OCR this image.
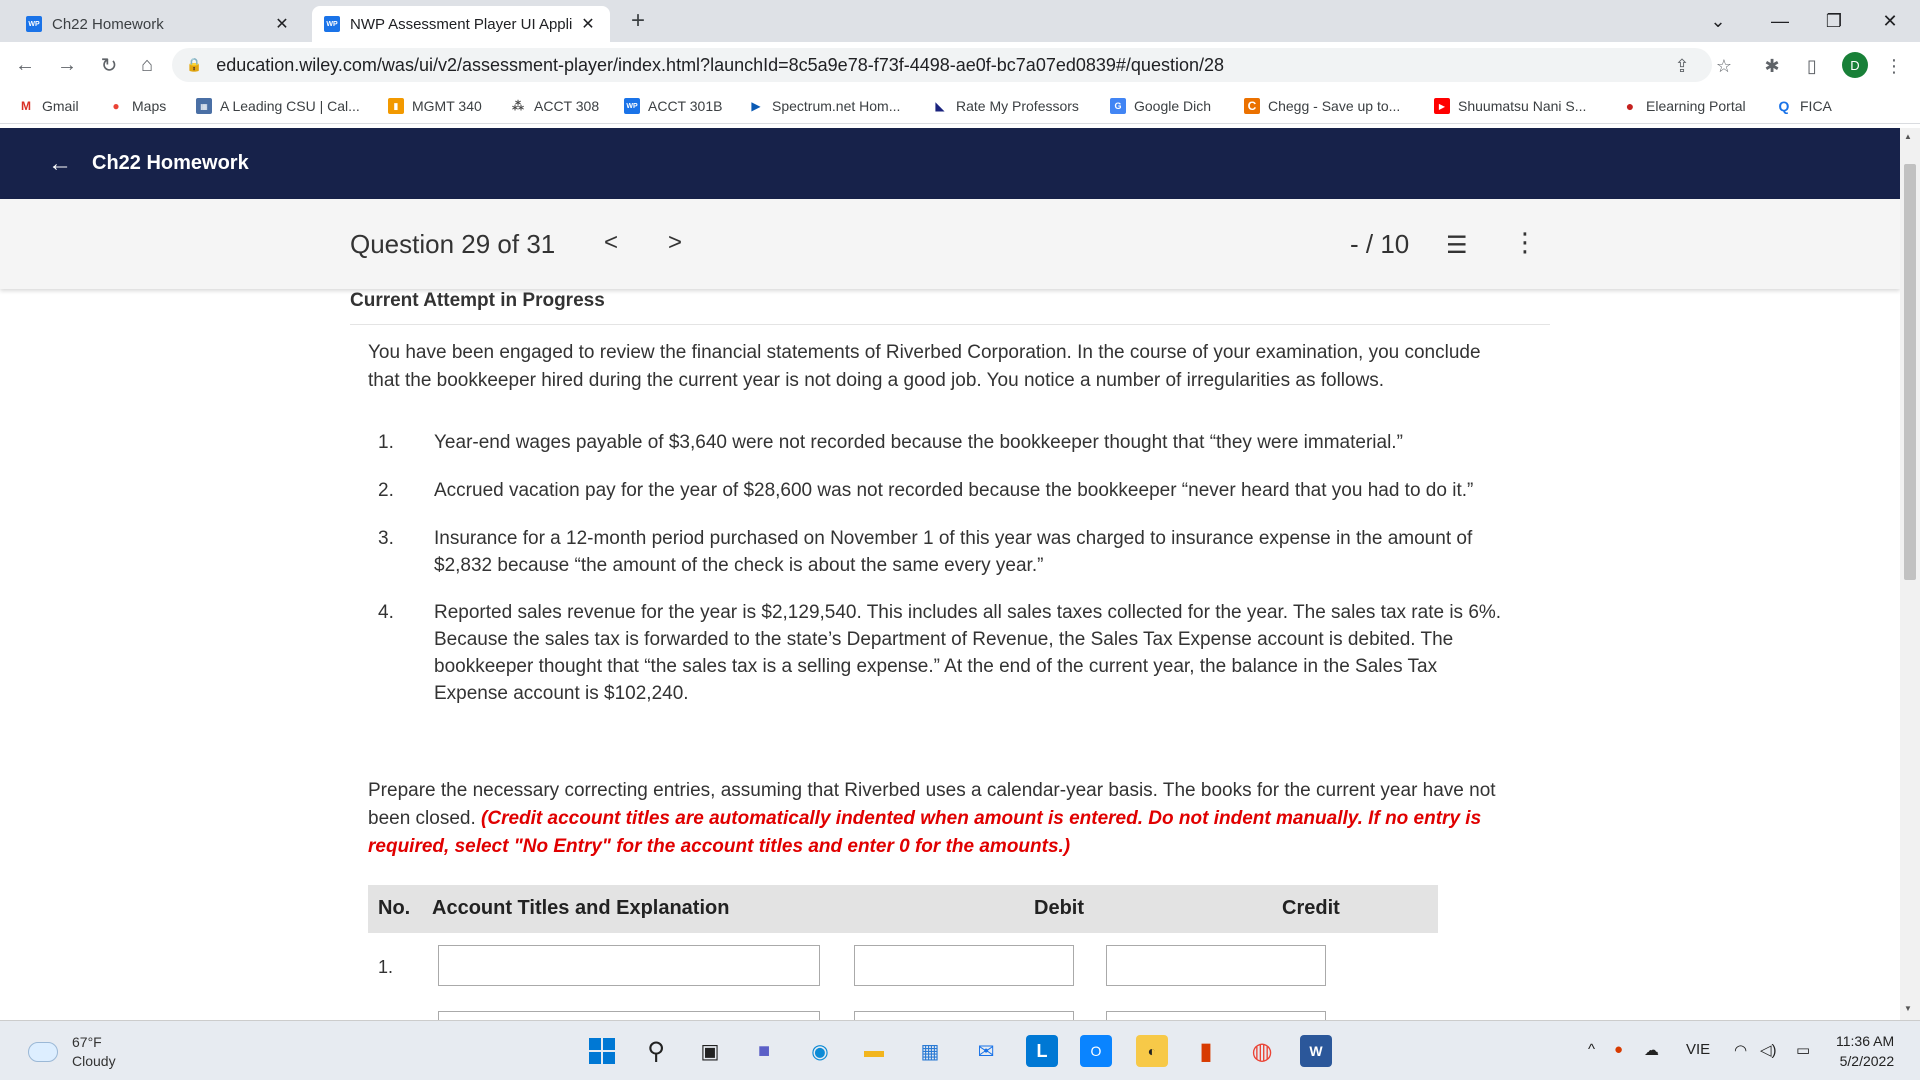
WP Ch22 Homework	✕	WP NWP Assessment Player UI Appli ✕	+	⌄	—	❐	✕
← →	↻	⌂	🔒 education.wiley.com/was/ui/v2/assessment-player/index.html?launchId=8c5a9e78-f73f-4498-ae0f-bc7a07ed0839#/question/28	⇪ ☆ ✱	▯	⋮
D
M Gmail	● Maps	▦ A Leading CSU | Cal...	▮ MGMT 340	⁂ ACCT 308	WP ACCT 301B ▶ Spectrum.net Hom...	◣ Rate My Professors	G Google Dich	C Chegg - Save up to...	▶ Shuumatsu Nani S...	● Elearning Portal Q FICA
← Ch22 Homework
Question 29 of 31 < >	- / 10 ☰ ⋮
Current Attempt in Progress

You have been engaged to review the financial statements of Riverbed Corporation. In the course of your examination, you conclude that the bookkeeper hired during the current year is not doing a good job. You notice a number of irregularities as follows.

1.	Year-end wages payable of $3,640 were not recorded because the bookkeeper thought that “they were immaterial.”
2.	Accrued vacation pay for the year of $28,600 was not recorded because the bookkeeper “never heard that you had to do it.”
3.	Insurance for a 12-month period purchased on November 1 of this year was charged to insurance expense in the amount of $2,832 because “the amount of the check is about the same every year.”
4.	Reported sales revenue for the year is $2,129,540. This includes all sales taxes collected for the year. The sales tax rate is 6%. Because the sales tax is forwarded to the state’s Department of Revenue, the Sales Tax Expense account is debited. The bookkeeper thought that “the sales tax is a selling expense.” At the end of the current year, the balance in the Sales Tax Expense account is $102,240.

Prepare the necessary correcting entries, assuming that Riverbed uses a calendar-year basis. The books for the current year have not been closed. (Credit account titles are automatically indented when amount is entered. Do not indent manually. If no entry is required, select "No Entry" for the account titles and enter 0 for the amounts.)

No. Account Titles and Explanation	Debit	Credit
1.
▲
▼
67°F
Cloudy	⚲	▣	■	◉	▬	▦	✉	L	O	◐	▮	◍	W	^ ● ☁ VIE ◠ ◁) ▭
11:36 AM
5/2/2022
